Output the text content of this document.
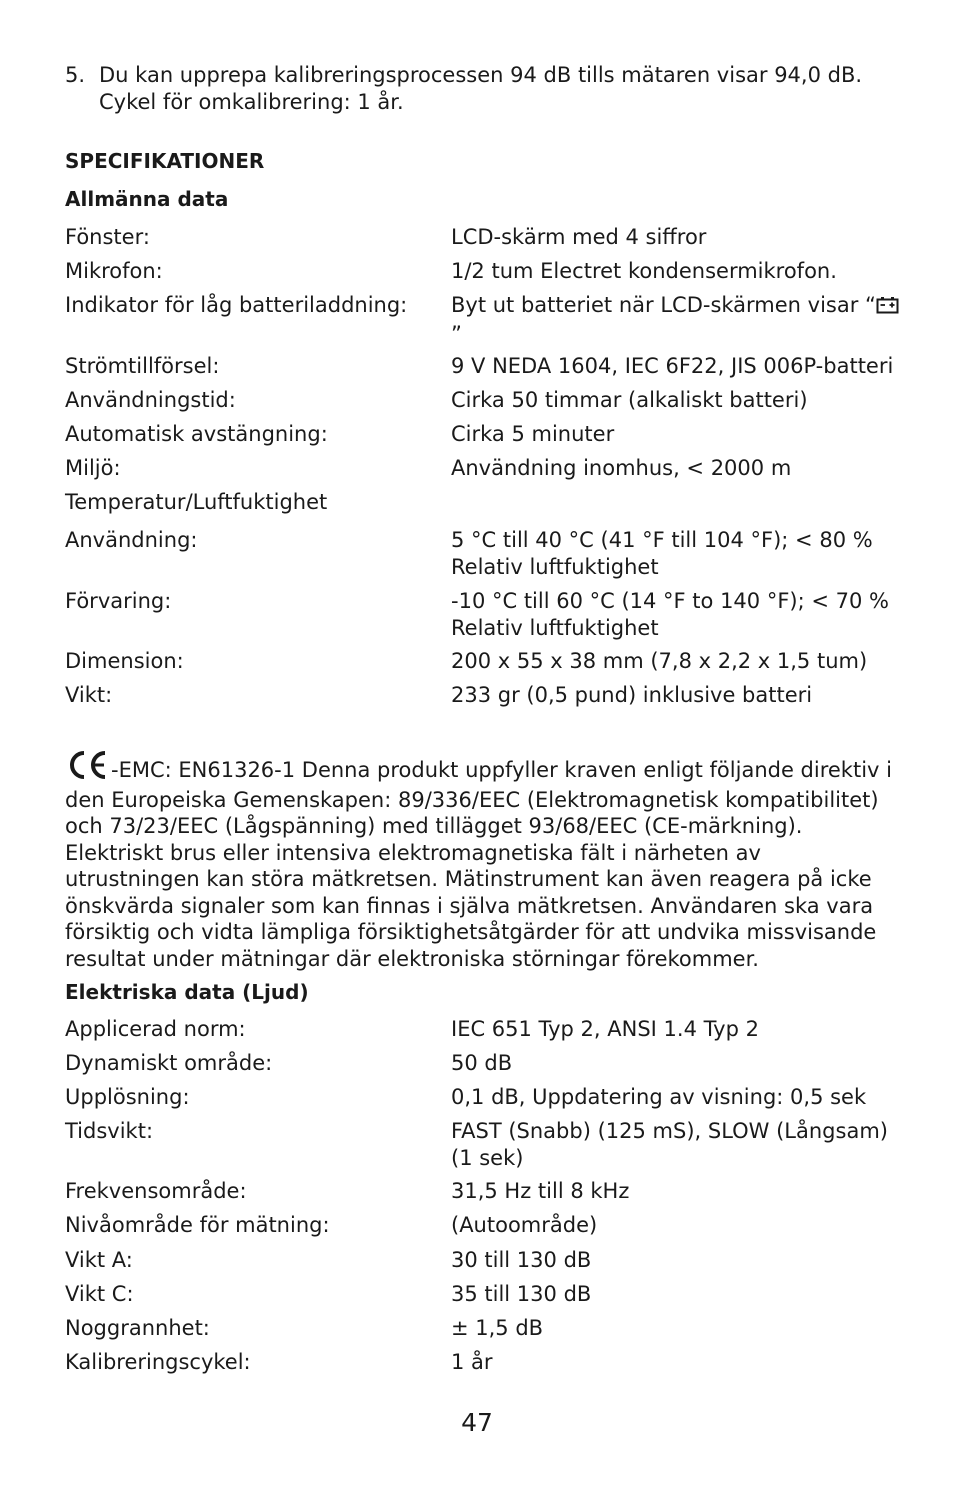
5. Du kan upprepa kalibreringsprocessen 94 dB tills mätaren visar 94,0 dB. Cykel för omkalibrering: 1 år.
SPECIFIKATIONER
Allmänna data
Fönster:	LCD-skärm med 4 siffror
Mikrofon:	1/2 tum Electret kondensermikrofon.
Indikator för låg batteriladdning:	Byt ut batteriet när LCD-skärmen visar “”
Strömtillförsel:	9 V NEDA 1604, IEC 6F22, JIS 006P-batteri
Användningstid:	Cirka 50 timmar (alkaliskt batteri)
Automatisk avstängning:	Cirka 5 minuter
Miljö:	Användning inomhus, < 2000 m
Temperatur/Luftfuktighet
Användning:	5 °C till 40 °C (41 °F till 104 °F); < 80 % Relativ luftfuktighet
Förvaring:	-10 °C till 60 °C (14 °F to 140 °F); < 70 % Relativ luftfuktighet
Dimension:	200 x 55 x 38 mm (7,8 x 2,2 x 1,5 tum)
Vikt:	233 gr (0,5 pund) inklusive batteri

-EMC: EN61326-1 Denna produkt uppfyller kraven enligt följande direktiv i den Europeiska Gemenskapen: 89/336/EEC (Elektromagnetisk kompatibilitet) och 73/23/EEC (Lågspänning) med tillägget 93/68/EEC (CE-märkning). Elektriskt brus eller intensiva elektromagnetiska fält i närheten av utrustningen kan störa mätkretsen. Mätinstrument kan även reagera på icke önskvärda signaler som kan finnas i själva mätkretsen. Användaren ska vara försiktig och vidta lämpliga försiktighetsåtgärder för att undvika missvisande resultat under mätningar där elektroniska störningar förekommer.

Elektriska data (Ljud)
Applicerad norm:	IEC 651 Typ 2, ANSI 1.4 Typ 2
Dynamiskt område:	50 dB
Upplösning:	0,1 dB, Uppdatering av visning: 0,5 sek
Tidsvikt:	FAST (Snabb) (125 mS), SLOW (Långsam) (1 sek)
Frekvensområde:	31,5 Hz till 8 kHz
Nivåområde för mätning:	(Autoområde)
Vikt A:	30 till 130 dB
Vikt C:	35 till 130 dB
Noggrannhet:	± 1,5 dB
Kalibreringscykel:	1 år
47
